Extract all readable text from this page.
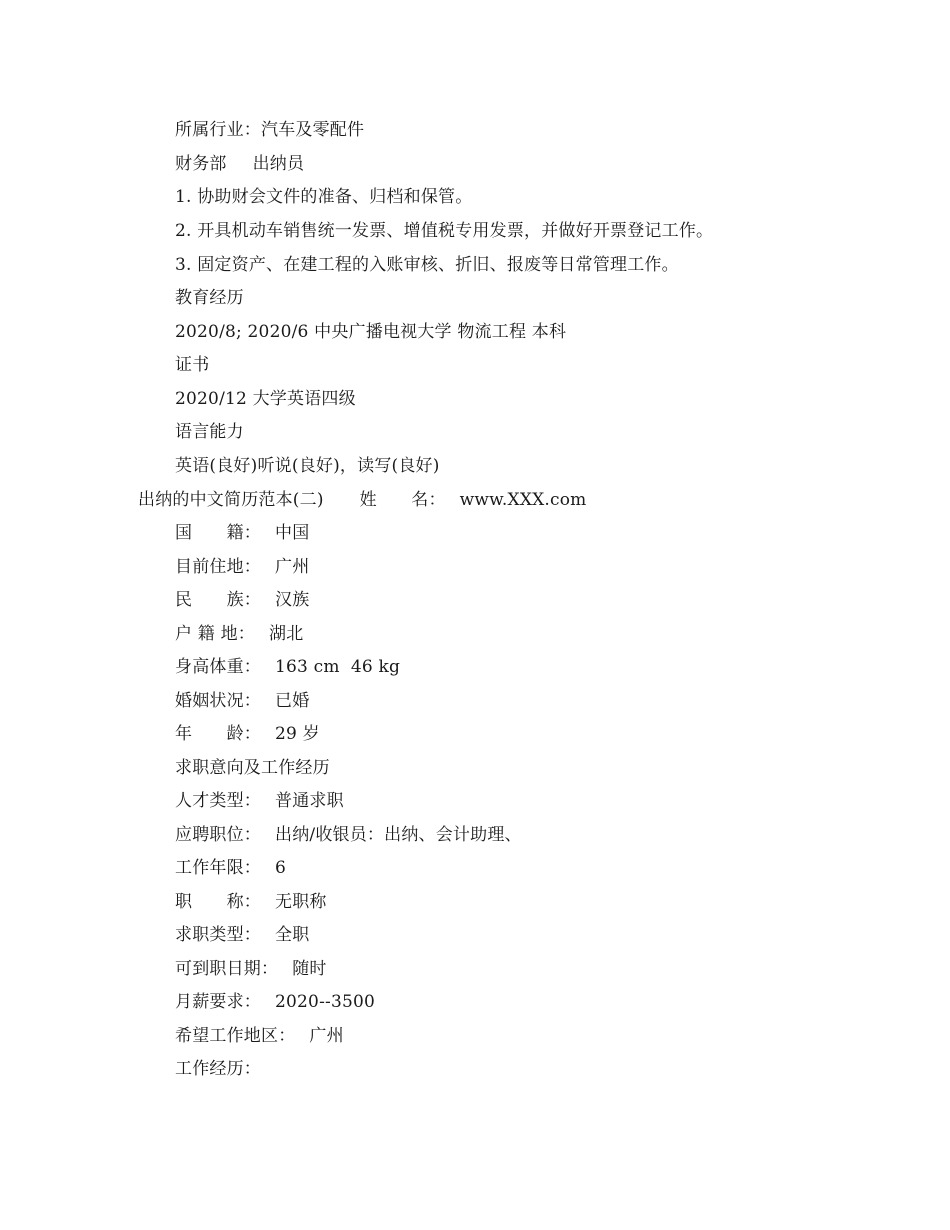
所属行业：汽车及零配件
财务部 出纳员
1. 协助财会文件的准备、归档和保管。
2. 开具机动车销售统一发票、增值税专用发票，并做好开票登记工作。
3. 固定资产、在建工程的入账审核、折旧、报废等日常管理工作。
教育经历
2020/8; 2020/6 中央广播电视大学 物流工程 本科
证书
2020/12 大学英语四级
语言能力
英语(良好)听说(良好)，读写(良好)
出纳的中文简历范本(二) 姓　　名： www.XXX.com
国　　籍： 中国
目前住地： 广州
民　　族： 汉族
户 籍 地： 湖北
身高体重： 163 cm  46 kg
婚姻状况： 已婚
年　　龄： 29 岁
求职意向及工作经历
人才类型： 普通求职
应聘职位： 出纳/收银员：出纳、会计助理、
工作年限： 6
职　　称： 无职称
求职类型： 全职
可到职日期： 随时
月薪要求： 2020--3500
希望工作地区： 广州
工作经历：
